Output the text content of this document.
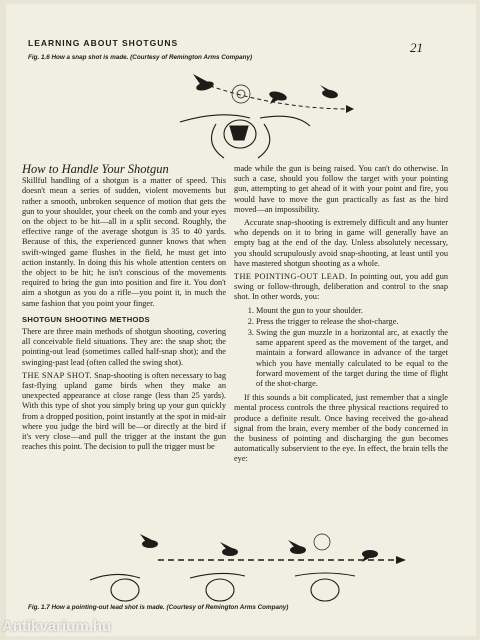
LEARNING ABOUT SHOTGUNS	21
Fig. 1.6 How a snap shot is made. (Courtesy of Remington Arms Company)
How to Handle Your Shotgun

Skillful handling of a shotgun is a matter of speed. This doesn't mean a series of sudden, violent movements but rather a smooth, unbroken sequence of motion that gets the gun to your shoulder, your cheek on the comb and your eyes on the object to be hit—all in a split second. Roughly, the effective range of the average shotgun is 35 to 40 yards. Because of this, the experienced gunner knows that when swift-winged game flushes in the field, he must get into action instantly. In doing this his whole attention centers on the object to be hit; he isn't conscious of the movements required to bring the gun into position and fire it. You don't aim a shotgun as you do a rifle—you point it, in much the same fashion that you point your finger.

SHOTGUN SHOOTING METHODS

There are three main methods of shotgun shooting, covering all conceivable field situations. They are: the snap shot; the pointing-out lead (sometimes called half-snap shot); and the swinging-past lead (often called the swing shot).

THE SNAP SHOT. Snap-shooting is often necessary to bag fast-flying upland game birds when they make an unexpected appearance at close range (less than 25 yards). With this type of shot you simply bring up your gun quickly from a dropped position, point instantly at the spot in mid-air where you judge the bird will be—or directly at the bird if it's very close—and pull the trigger at the instant the gun reaches this point. The decision to pull the trigger must be

made while the gun is being raised. You can't do otherwise. In such a case, should you follow the target with your pointing gun, attempting to get ahead of it with your point and fire, you would have to move the gun practically as fast as the bird moved—an impossibility.

Accurate snap-shooting is extremely difficult and any hunter who depends on it to bring in game will generally have an empty bag at the end of the day. Unless absolutely necessary, you should scrupulously avoid snap-shooting, at least until you have mastered shotgun shooting as a whole.

THE POINTING-OUT LEAD. In pointing out, you add gun swing or follow-through, deliberation and control to the snap shot. In other words, you:

1. Mount the gun to your shoulder.
2. Press the trigger to release the shot-charge.
3. Swing the gun muzzle in a horizontal arc, at exactly the same apparent speed as the movement of the target, and maintain a forward allowance in advance of the target which you have mentally calculated to be equal to the forward movement of the target during the time of flight of the shot-charge.

If this sounds a bit complicated, just remember that a single mental process controls the three physical reactions required to produce a definite result. Once having received the go-ahead signal from the brain, every member of the body concerned in the business of pointing and discharging the gun becomes automatically subservient to the eye. In effect, the brain tells the eye:

Fig. 1.7 How a pointing-out lead shot is made. (Courtesy of Remington Arms Company)
Antikvarium.hu
